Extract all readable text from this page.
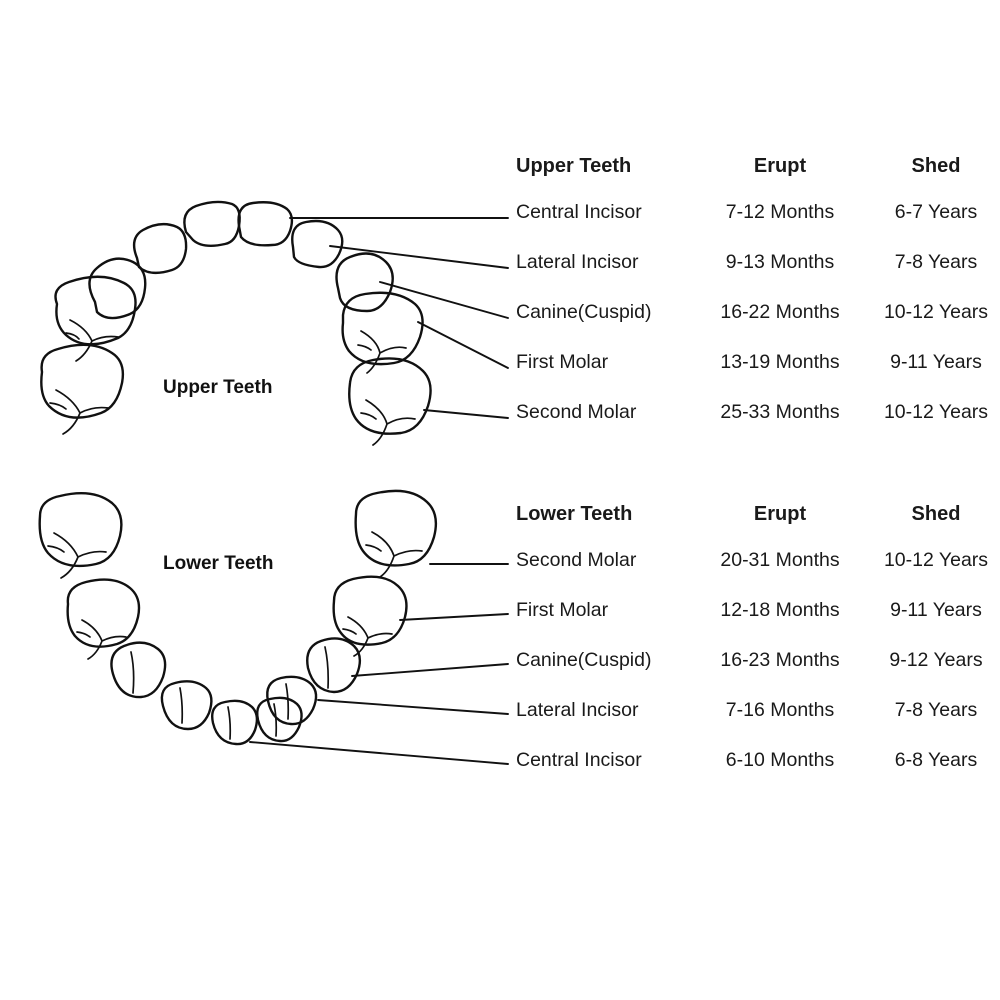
Upper Teeth
Lower Teeth
Upper Teeth	Erupt	Shed
Central Incisor	7-12 Months	6-7 Years
Lateral Incisor	9-13 Months	7-8 Years
Canine(Cuspid)	16-22 Months	10-12 Years
First Molar	13-19 Months	9-11 Years
Second Molar	25-33 Months	10-12 Years
Lower Teeth	Erupt	Shed
Second Molar	20-31 Months	10-12 Years
First Molar	12-18 Months	9-11 Years
Canine(Cuspid)	16-23 Months	9-12 Years
Lateral Incisor	7-16 Months	7-8 Years
Central Incisor	6-10 Months	6-8 Years
